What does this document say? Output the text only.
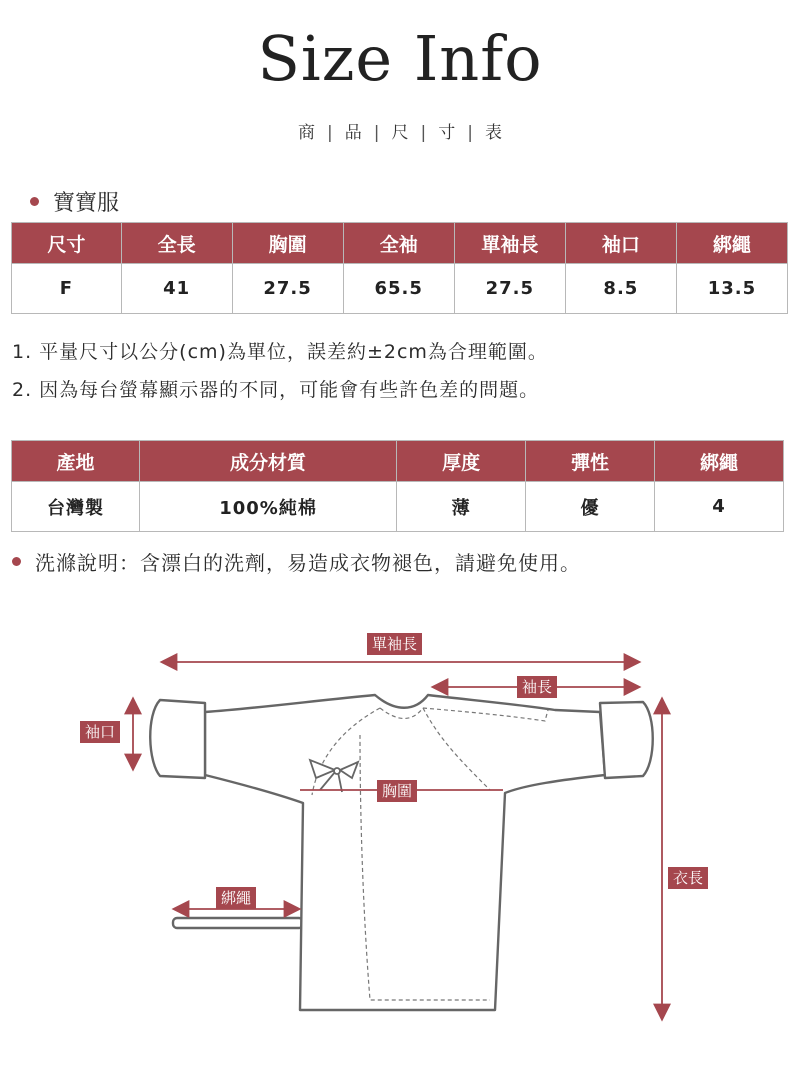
Size Info
商 | 品 | 尺 | 寸 | 表
寶寶服
尺寸	全長	胸圍	全袖	單袖長	袖口	綁繩
F	41	27.5	65.5	27.5	8.5	13.5
1. 平量尺寸以公分(cm)為單位，誤差約±2cm為合理範圍。
2. 因為每台螢幕顯示器的不同，可能會有些許色差的問題。
產地	成分材質	厚度	彈性	綁繩
台灣製	100%純棉	薄	優	4
洗滌說明：含漂白的洗劑，易造成衣物褪色，請避免使用。
單袖長
袖長
袖口
胸圍
衣長
綁繩
